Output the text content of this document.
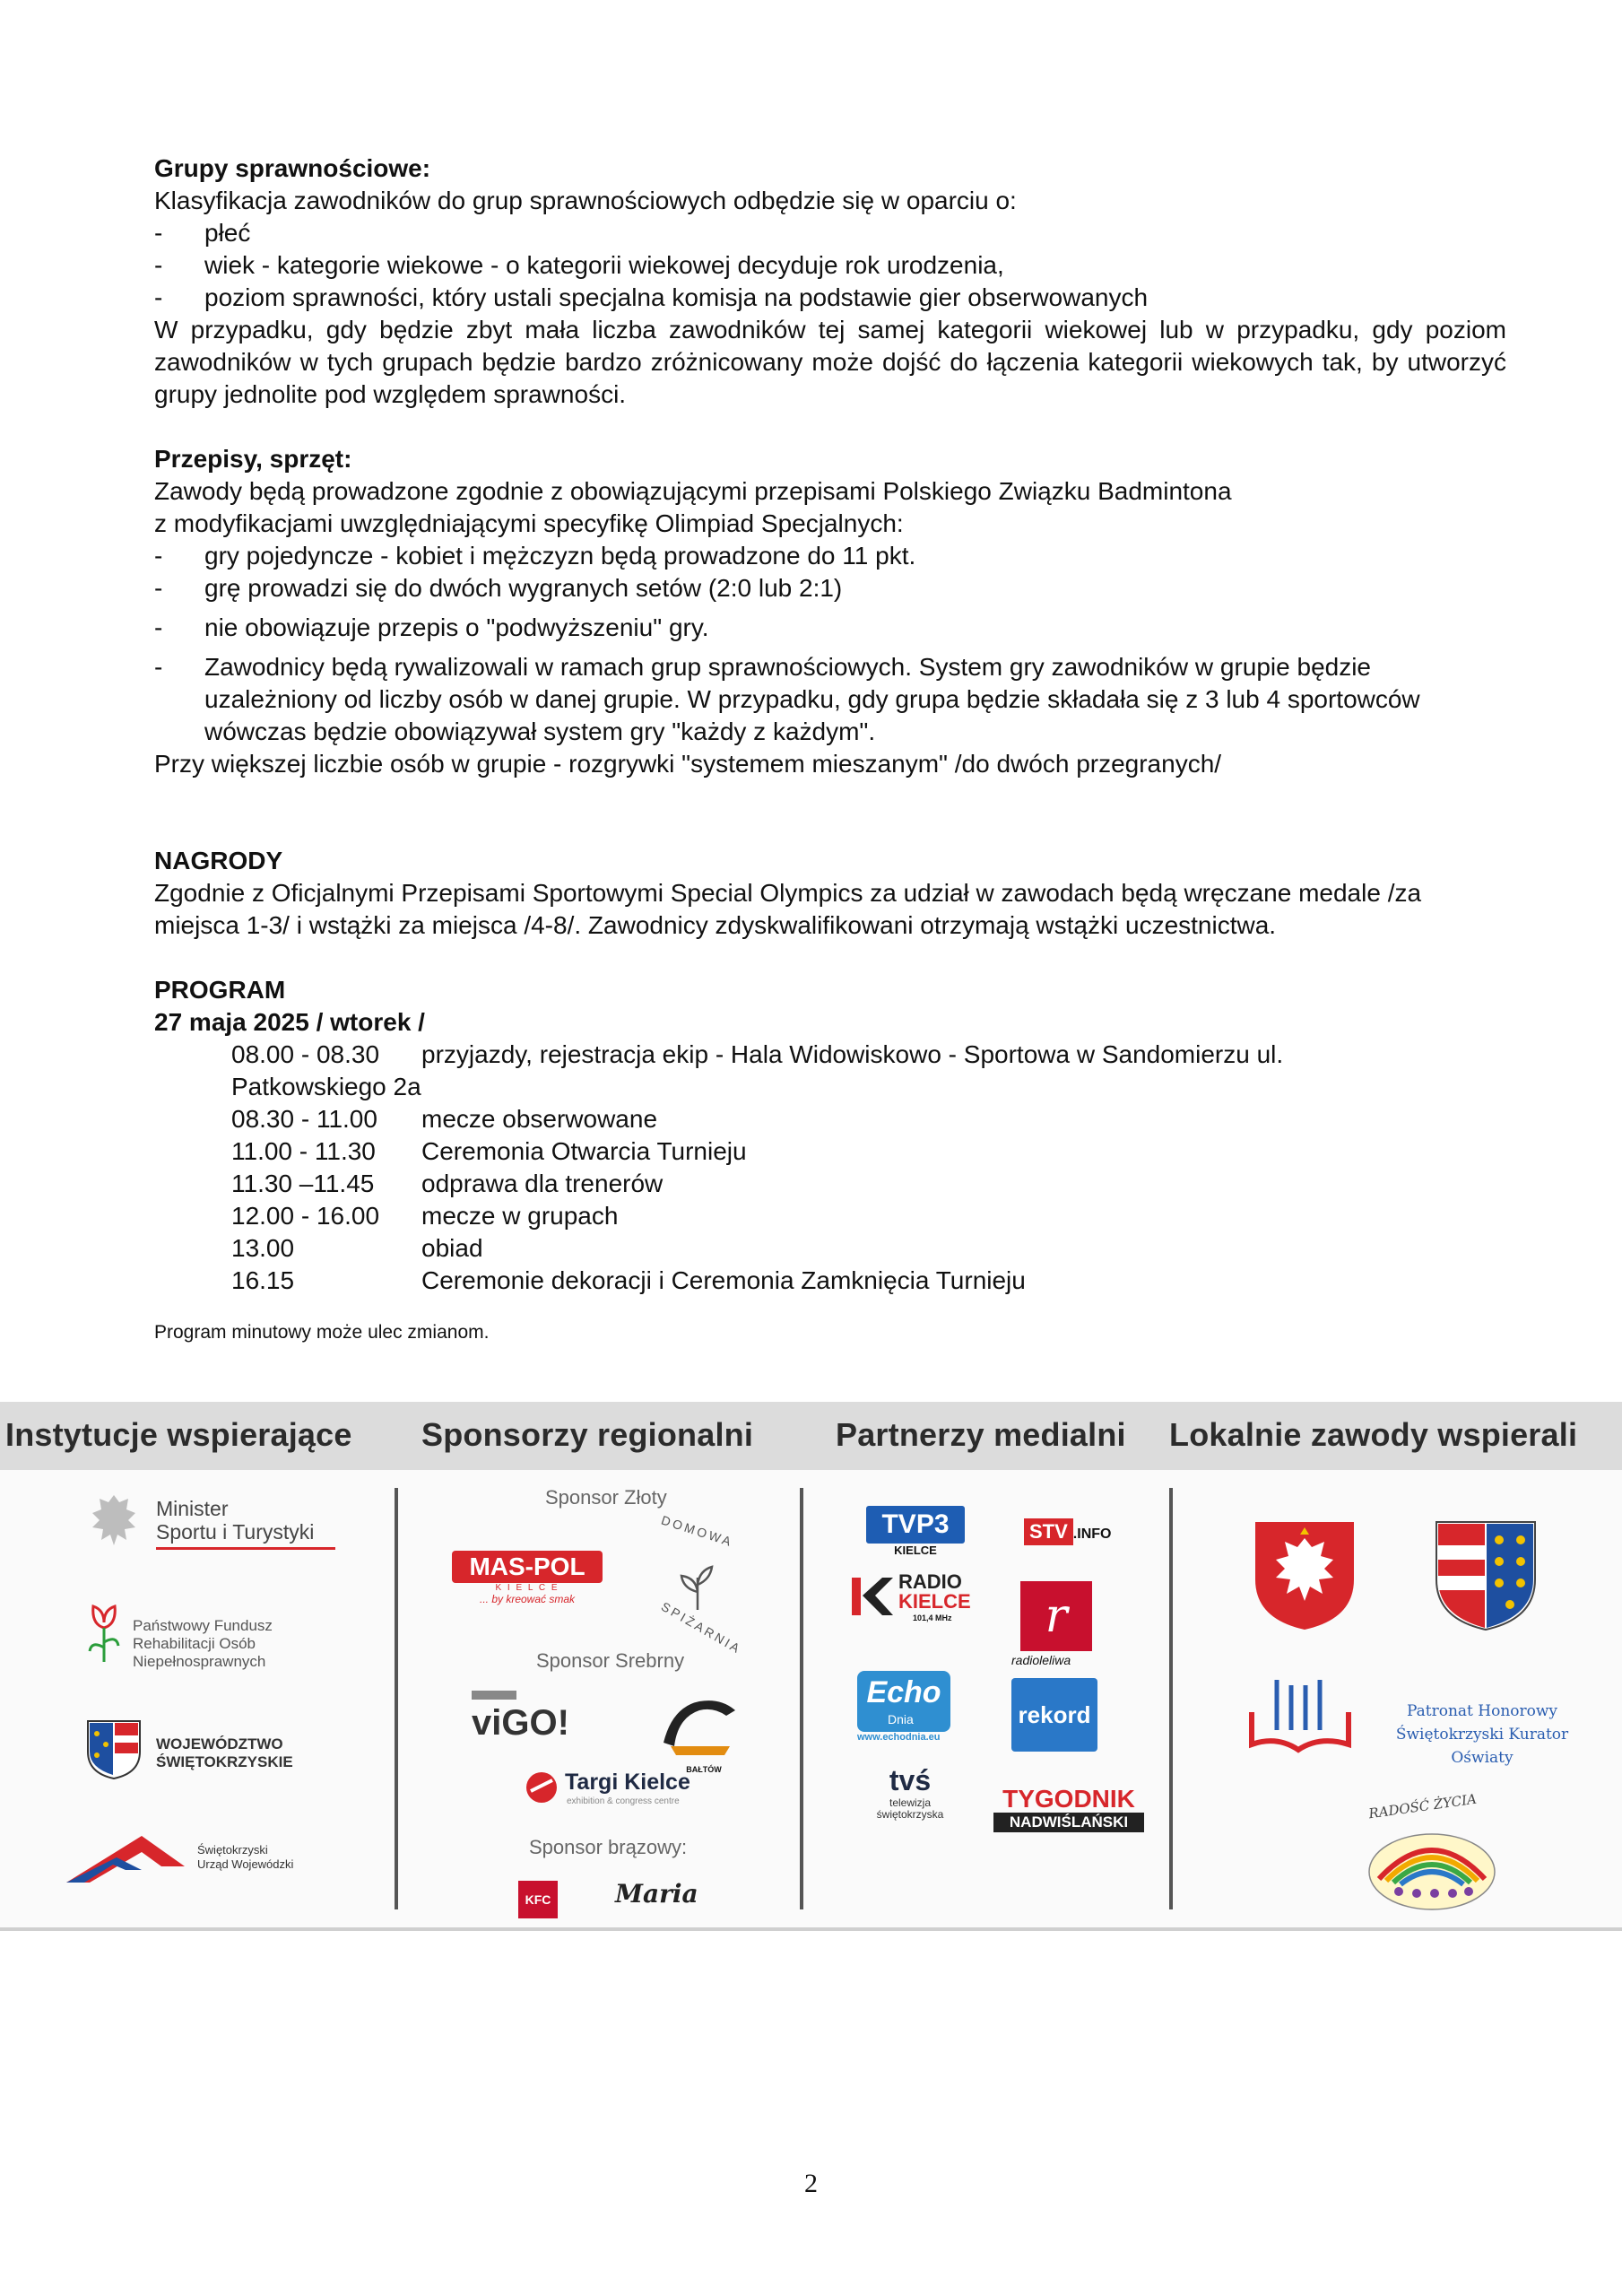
Grupy sprawnościowe:

Klasyfikacja zawodników do grup sprawnościowych odbędzie się w oparciu o:

-	płeć
-	wiek - kategorie wiekowe - o kategorii wiekowej decyduje rok urodzenia,
-	poziom sprawności, który ustali specjalna komisja na podstawie gier obserwowanych

W przypadku, gdy będzie zbyt mała liczba zawodników tej samej kategorii wiekowej lub w przypadku, gdy poziom zawodników w tych grupach będzie bardzo zróżnicowany może dojść do łączenia kategorii wiekowych tak, by utworzyć grupy jednolite pod względem sprawności.

Przepisy, sprzęt:

Zawody będą prowadzone zgodnie z obowiązującymi przepisami Polskiego Związku Badmintona

z modyfikacjami uwzględniającymi specyfikę Olimpiad Specjalnych:

-	gry pojedyncze - kobiet i mężczyzn będą prowadzone do 11 pkt.
-	grę prowadzi się do dwóch wygranych setów (2:0 lub 2:1)
-	nie obowiązuje przepis o "podwyższeniu" gry.
-	Zawodnicy będą rywalizowali w ramach grup sprawnościowych. System gry zawodników w grupie będzie uzależniony od liczby osób w danej grupie. W przypadku, gdy grupa będzie składała się z 3 lub 4 sportowców wówczas będzie obowiązywał system gry "każdy z każdym".

Przy większej liczbie osób w grupie - rozgrywki "systemem mieszanym" /do dwóch przegranych/

NAGRODY

Zgodnie z Oficjalnymi Przepisami Sportowymi Special Olympics za udział w zawodach będą wręczane medale /za miejsca 1-3/ i wstążki za miejsca /4-8/. Zawodnicy zdyskwalifikowani otrzymają wstążki uczestnictwa.

PROGRAM

27 maja 2025 / wtorek /

08.00 - 08.30	przyjazdy, rejestracja ekip - Hala Widowiskowo - Sportowa w Sandomierzu ul.
Patkowskiego 2a
08.30 - 11.00	mecze obserwowane
11.00 - 11.30	Ceremonia Otwarcia Turnieju
11.30 –11.45	odprawa dla trenerów
12.00 - 16.00	mecze w grupach
13.00	obiad
16.15	Ceremonie dekoracji i Ceremonia Zamknięcia Turnieju

Program minutowy może ulec zmianom.

Instytucje wspierające Sponsorzy regionalni	Partnerzy medialni Lokalnie zawody wspierali
Minister
Sportu i Turystyki
Państwowy Fundusz
Rehabilitacji Osób
Niepełnosprawnych
WOJEWÓDZTWO
ŚWIĘTOKRZYSKIE
Świętokrzyski
Urząd Wojewódzki
Sponsor Złoty
MAS-POL
K I E L C E
... by kreować smak
DOMOWA
SPIŻARNIA
Sponsor Srebrny
viGO!
BAŁTÓW
Targi Kielce
exhibition & congress centre
Sponsor brązowy:
KFC	Maria
TVP3
KIELCE
STV .INFO
RADIO
KIELCE
101,4 MHz	r
radioleliwa
Echo
Dnia
www.echodnia.eu
rekord
tvś
telewizja
świętokrzyska
TYGODNIK
NADWIŚLAŃSKI
Patronat Honorowy
Świętokrzyski Kurator Oświaty
RADOŚĆ ŻYCIA
2
